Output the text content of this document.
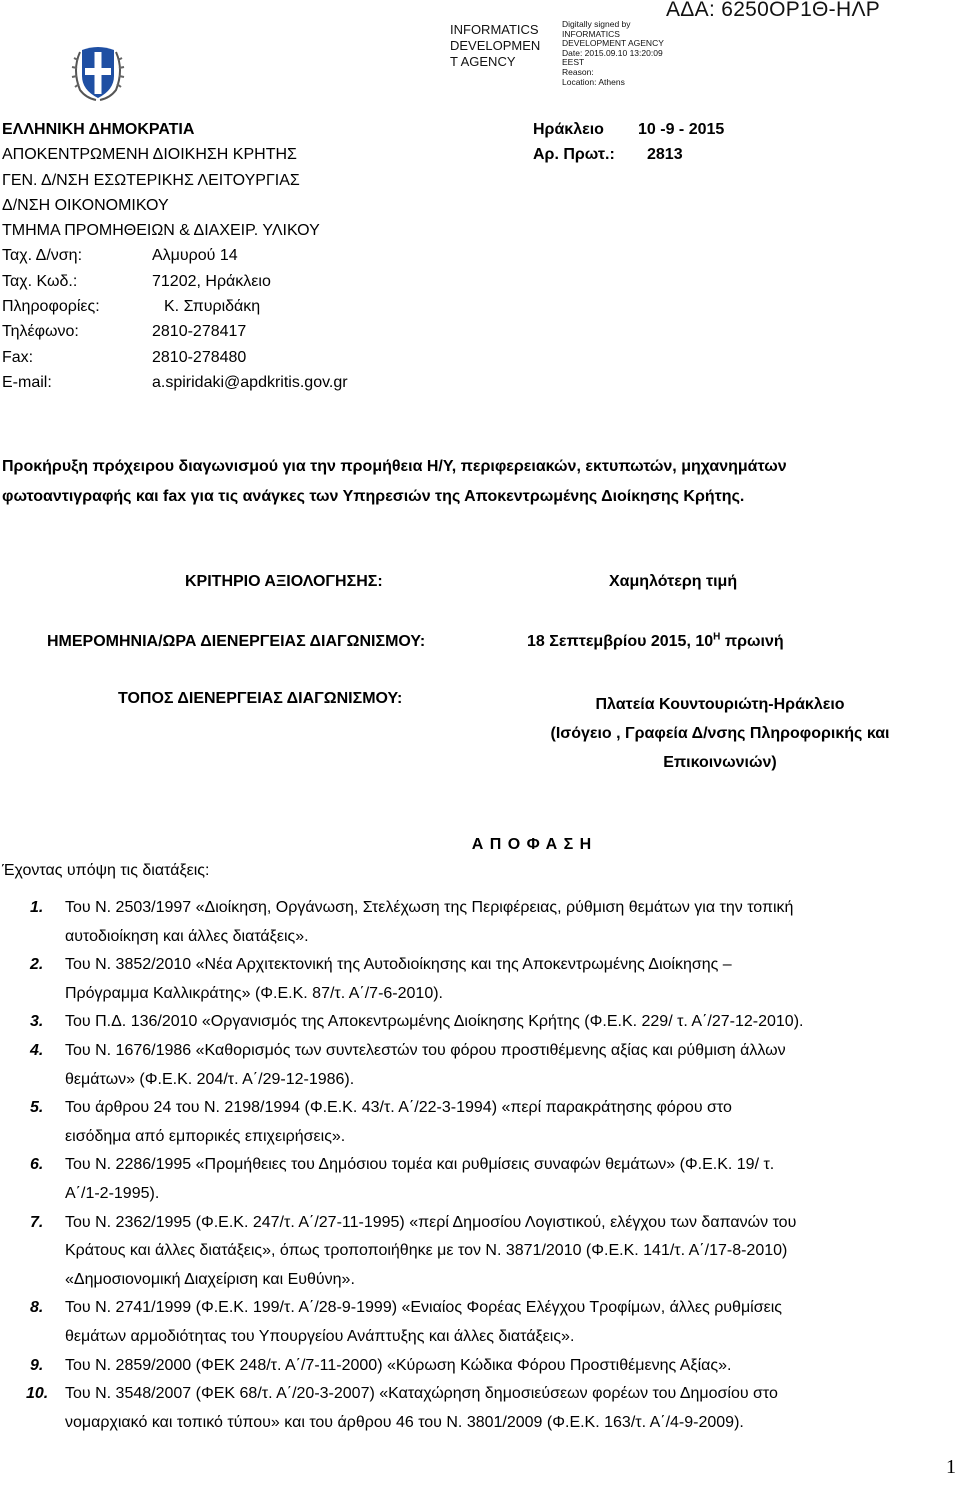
INFORMATICS
DEVELOPMEN
T AGENCY
Digitally signed by
INFORMATICS
DEVELOPMENT AGENCY
Date: 2015.09.10 13:20:09
EEST
Reason:
Location: Athens
ΑΔΑ: 6250ΟΡ1Θ-ΗΛΡ
ΕΛΛΗΝΙΚΗ ΔΗΜΟΚΡΑΤΙΑ
ΑΠΟΚΕΝΤΡΩΜΕΝΗ ΔΙΟΙΚΗΣΗ ΚΡΗΤΗΣ
ΓΕΝ. Δ/ΝΣΗ ΕΣΩΤΕΡΙΚΗΣ ΛΕΙΤΟΥΡΓΙΑΣ
Δ/ΝΣΗ ΟΙΚΟΝΟΜΙΚΟΥ
ΤΜΗΜΑ ΠΡΟΜΗΘΕΙΩΝ & ΔΙΑΧΕΙΡ. ΥΛΙΚΟΥ
Ταχ. Δ/νση:	Αλμυρού 14
Ταχ. Κωδ.:	71202, Ηράκλειο
Πληροφορίες:	Κ. Σπυριδάκη
Τηλέφωνο:	2810-278417
Fax:	2810-278480
E-mail:	a.spiridaki@apdkritis.gov.gr
Ηράκλειο 10 -9 - 2015
Αρ. Πρωτ.: 2813
Προκήρυξη πρόχειρου διαγωνισμού για την προμήθεια Η/Υ, περιφερειακών, εκτυπωτών, μηχανημάτων
φωτοαντιγραφής και fax για τις ανάγκες των Υπηρεσιών της Αποκεντρωμένης Διοίκησης Κρήτης.
ΚΡΙΤΗΡΙΟ ΑΞΙΟΛΟΓΗΣΗΣ:	Χαμηλότερη τιμή
ΗΜΕΡΟΜΗΝΙΑ/ΩΡΑ ΔΙΕΝΕΡΓΕΙΑΣ ΔΙΑΓΩΝΙΣΜΟΥ:	18 Σεπτεμβρίου 2015, $10^H$ πρωινή
ΤΟΠΟΣ ΔΙΕΝΕΡΓΕΙΑΣ ΔΙΑΓΩΝΙΣΜΟΥ:	Πλατεία Κουντουριώτη-Ηράκλειο
(Ισόγειο , Γραφεία Δ/νσης Πληροφορικής και
Επικοινωνιών)
Α Π Ο Φ Α Σ Η
Έχοντας υπόψη τις διατάξεις:
1. Του Ν. 2503/1997 «Διοίκηση, Οργάνωση, Στελέχωση της Περιφέρειας, ρύθμιση θεμάτων για την τοπική
αυτοδιοίκηση και άλλες διατάξεις».
2. Του Ν. 3852/2010 «Νέα Αρχιτεκτονική της Αυτοδιοίκησης και της Αποκεντρωμένης Διοίκησης –
Πρόγραμμα Καλλικράτης» (Φ.Ε.Κ. 87/τ. Α΄/7-6-2010).
3. Του Π.Δ. 136/2010 «Οργανισμός της Αποκεντρωμένης Διοίκησης Κρήτης (Φ.Ε.Κ. 229/ τ. Α΄/27-12-2010).
4. Του Ν. 1676/1986 «Καθορισμός των συντελεστών του φόρου προστιθέμενης αξίας και ρύθμιση άλλων
θεμάτων» (Φ.Ε.Κ. 204/τ. Α΄/29-12-1986).
5. Του άρθρου 24 του Ν. 2198/1994 (Φ.Ε.Κ. 43/τ. Α΄/22-3-1994) «περί παρακράτησης φόρου στο
εισόδημα από εμπορικές επιχειρήσεις».
6. Του Ν. 2286/1995 «Προμήθειες του Δημόσιου τομέα και ρυθμίσεις συναφών θεμάτων» (Φ.Ε.Κ. 19/ τ.
Α΄/1-2-1995).
7. Του Ν. 2362/1995 (Φ.Ε.Κ. 247/τ. Α΄/27-11-1995) «περί Δημοσίου Λογιστικού, ελέγχου των δαπανών του
Κράτους και άλλες διατάξεις», όπως τροποποιήθηκε με τον Ν. 3871/2010 (Φ.Ε.Κ. 141/τ. Α΄/17-8-2010)
«Δημοσιονομική Διαχείριση και Ευθύνη».
8. Του Ν. 2741/1999 (Φ.Ε.Κ. 199/τ. Α΄/28-9-1999) «Ενιαίος Φορέας Ελέγχου Τροφίμων, άλλες ρυθμίσεις
θεμάτων αρμοδιότητας του Υπουργείου Ανάπτυξης και άλλες διατάξεις».
9. Του Ν. 2859/2000 (ΦΕΚ 248/τ. Α΄/7-11-2000) «Κύρωση Κώδικα Φόρου Προστιθέμενης Αξίας».
10. Του Ν. 3548/2007 (ΦΕΚ 68/τ. Α΄/20-3-2007) «Καταχώρηση δημοσιεύσεων φορέων του Δημοσίου στο
νομαρχιακό και τοπικό τύπου» και του άρθρου 46 του Ν. 3801/2009 (Φ.Ε.Κ. 163/τ. Α΄/4-9-2009).
1
